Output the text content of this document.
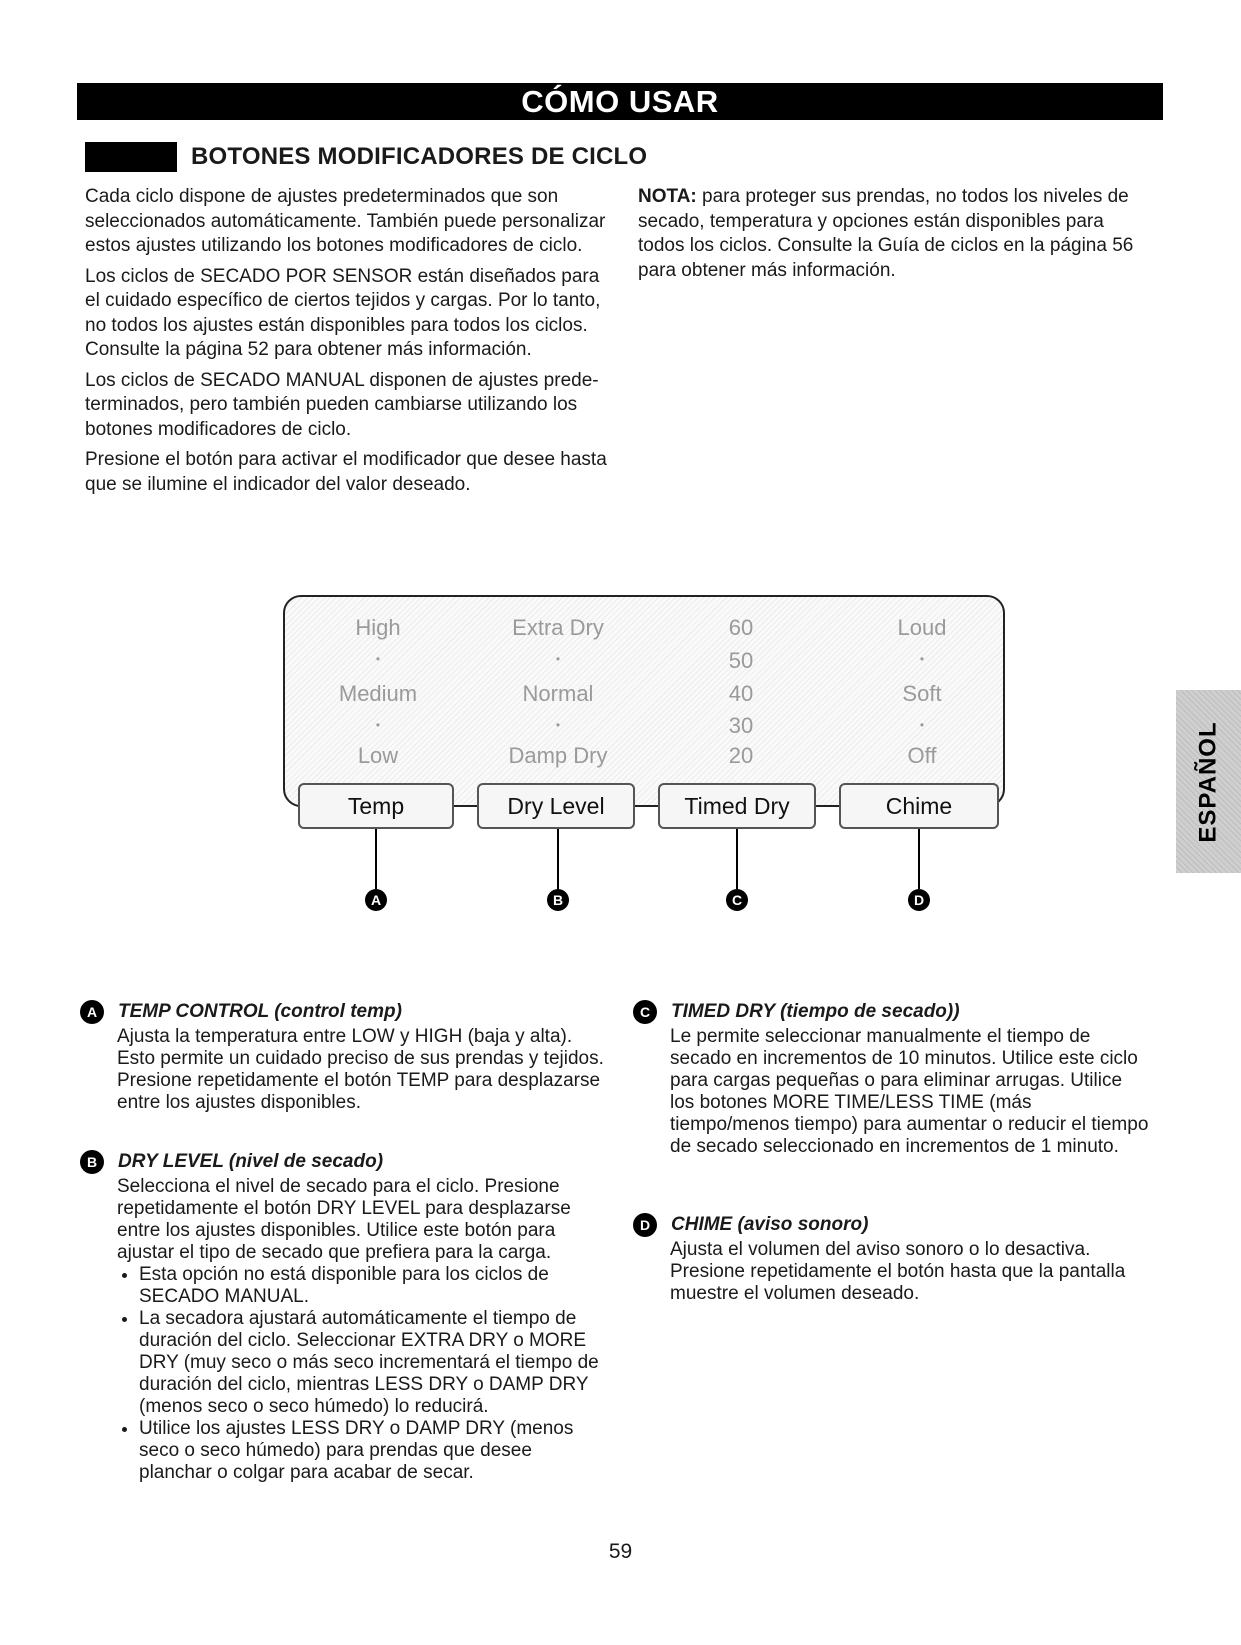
CÓMO USAR
BOTONES MODIFICADORES DE CICLO

Cada ciclo dispone de ajustes predeterminados que son seleccionados automáticamente. También puede personalizar estos ajustes utilizando los botones modificadores de ciclo.

Los ciclos de SECADO POR SENSOR están diseñados para el cuidado específico de ciertos tejidos y cargas. Por lo tanto, no todos los ajustes están disponibles para todos los ciclos. Consulte la página 52 para obtener más información.

Los ciclos de SECADO MANUAL disponen de ajustes prede- terminados, pero también pueden cambiarse utilizando los botones modificadores de ciclo.

Presione el botón para activar el modificador que desee hasta que se ilumine el indicador del valor deseado.

NOTA: para proteger sus prendas, no todos los niveles de secado, temperatura y opciones están disponibles para todos los ciclos. Consulte la Guía de ciclos en la página 56 para obtener más información.

High
•
Medium
•
Low
Extra Dry
•
Normal
•
Damp Dry
60
50
40
30
20
Loud
•
Soft
•
Off
Temp	Dry Level	Timed Dry	Chime
A	B	C	D
ESPAÑOL
A	TEMP CONTROL (control temp)

Ajusta la temperatura entre LOW y HIGH (baja y alta). Esto permite un cuidado preciso de sus prendas y tejidos. Presione repetidamente el botón TEMP para desplazarse entre los ajustes disponibles.

B	DRY LEVEL (nivel de secado)

Selecciona el nivel de secado para el ciclo. Presione repetidamente el botón DRY LEVEL para desplazarse entre los ajustes disponibles. Utilice este botón para ajustar el tipo de secado que prefiera para la carga.

• Esta opción no está disponible para los ciclos de SECADO MANUAL.
• La secadora ajustará automáticamente el tiempo de duración del ciclo. Seleccionar EXTRA DRY o MORE DRY (muy seco o más seco incrementará el tiempo de duración del ciclo, mientras LESS DRY o DAMP DRY (menos seco o seco húmedo) lo reducirá.
• Utilice los ajustes LESS DRY o DAMP DRY (menos seco o seco húmedo) para prendas que desee planchar o colgar para acabar de secar.
C	TIMED DRY (tiempo de secado))

Le permite seleccionar manualmente el tiempo de secado en incrementos de 10 minutos. Utilice este ciclo para cargas pequeñas o para eliminar arrugas. Utilice los botones MORE TIME/LESS TIME (más tiempo/menos tiempo) para aumentar o reducir el tiempo de secado seleccionado en incrementos de 1 minuto.

D	CHIME (aviso sonoro)

Ajusta el volumen del aviso sonoro o lo desactiva. Presione repetidamente el botón hasta que la pantalla muestre el volumen deseado.

59
